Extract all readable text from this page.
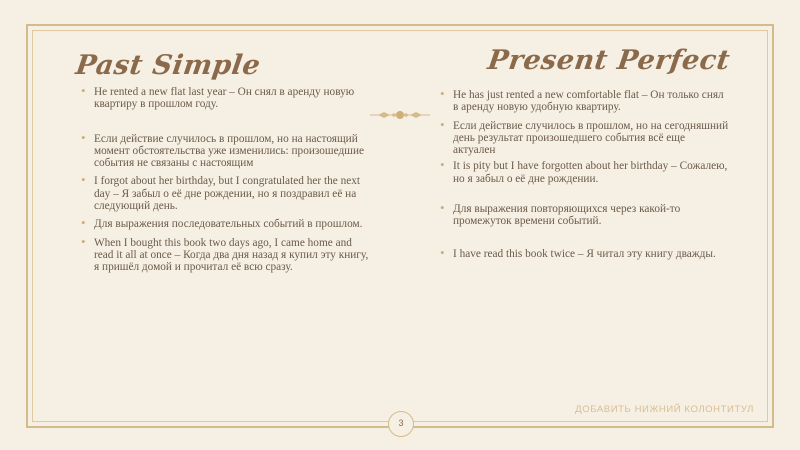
Past Simple	Present Perfect
• He rented a new flat last year – Он снял в аренду новую квартиру в прошлом году.
• Если действие случилось в прошлом, но на настоящий момент обстоятельства уже изменились: произошедшие события не связаны с настоящим
• I forgot about her birthday, but I congratulated her the next day – Я забыл о её дне рождении, но я поздравил её на следующий день.
• Для выражения последовательных событий в прошлом.
• When I bought this book two days ago, I came home and read it all at once – Когда два дня назад я купил эту книгу, я пришёл домой и прочитал её всю сразу.
• He has just rented a new comfortable flat – Он только снял в аренду новую удобную квартиру.
• Если действие случилось в прошлом, но на сегодняшний день результат произошедшего события всё еще актуален
• It is pity but I have forgotten about her birthday – Сожалею, но я забыл о её дне рождении.
• Для выражения повторяющихся через какой-то промежуток времени событий.
• I have read this book twice – Я читал эту книгу дважды.
ДОБАВИТЬ НИЖНИЙ КОЛОНТИТУЛ
3
